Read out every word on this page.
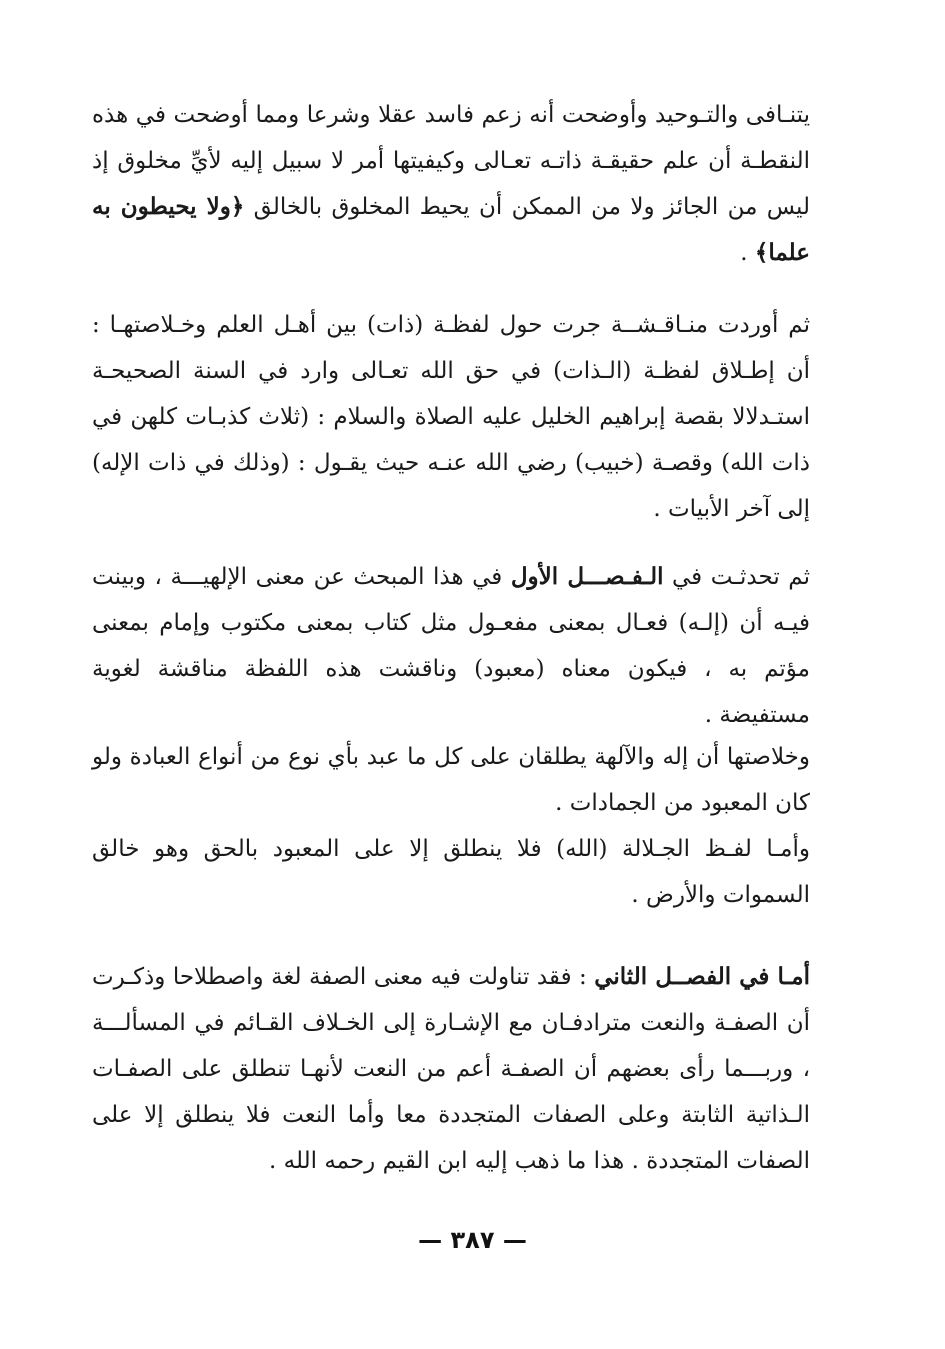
يتنـافى والتـوحيد وأوضحت أنه زعم فاسد عقلا وشرعا ومما أوضحت في هذه النقطـة أن علم حقيقـة ذاتـه تعـالى وكيفيتها أمر لا سبيل إليه لأيِّ مخلوق إذ ليس من الجائز ولا من الممكن أن يحيط المخلوق بالخالق ﴿ولا يحيطون به علما﴾ .

ثم أوردت منـاقـشــة جرت حول لفظـة (ذات) بين أهـل العلم وخـلاصتهـا : أن إطـلاق لفظـة (الـذات) في حق الله تعـالى وارد في السنة الصحيحـة استـدلالا بقصة إبراهيم الخليل عليه الصلاة والسلام : (ثلاث كذبـات كلهن في ذات الله) وقصـة (خبيب) رضي الله عنـه حيث يقـول : (وذلك في ذات الإله) إلى آخر الأبيات .

ثم تحدثـت في الـفـصـــل الأول في هذا المبحث عن معنى الإلهيـــة ، وبينت فيـه أن (إلـه) فعـال بمعنى مفعـول مثل كتاب بمعنى مكتوب وإمام بمعنى مؤتم به ، فيكون معناه (معبود) وناقشت هذه اللفظة مناقشة لغوية مستفيضة .

وخلاصتها أن إله والآلهة يطلقان على كل ما عبد بأي نوع من أنواع العبادة ولو كان المعبود من الجمادات .

وأمـا لفـظ الجـلالة (الله) فلا ينطلق إلا على المعبود بالحق وهو خالق السموات والأرض .

أمـا في الفصــل الثاني : فقد تناولت فيه معنى الصفة لغة واصطلاحا وذكـرت أن الصفـة والنعت مترادفـان مع الإشـارة إلى الخـلاف القـائم في المسألـــة ، وربـــما رأى بعضهم أن الصفـة أعم من النعت لأنهـا تنطلق على الصفـات الـذاتية الثابتة وعلى الصفات المتجددة معا وأما النعت فلا ينطلق إلا على الصفات المتجددة . هذا ما ذهب إليه ابن القيم رحمه الله .

— ٣٨٧ —
